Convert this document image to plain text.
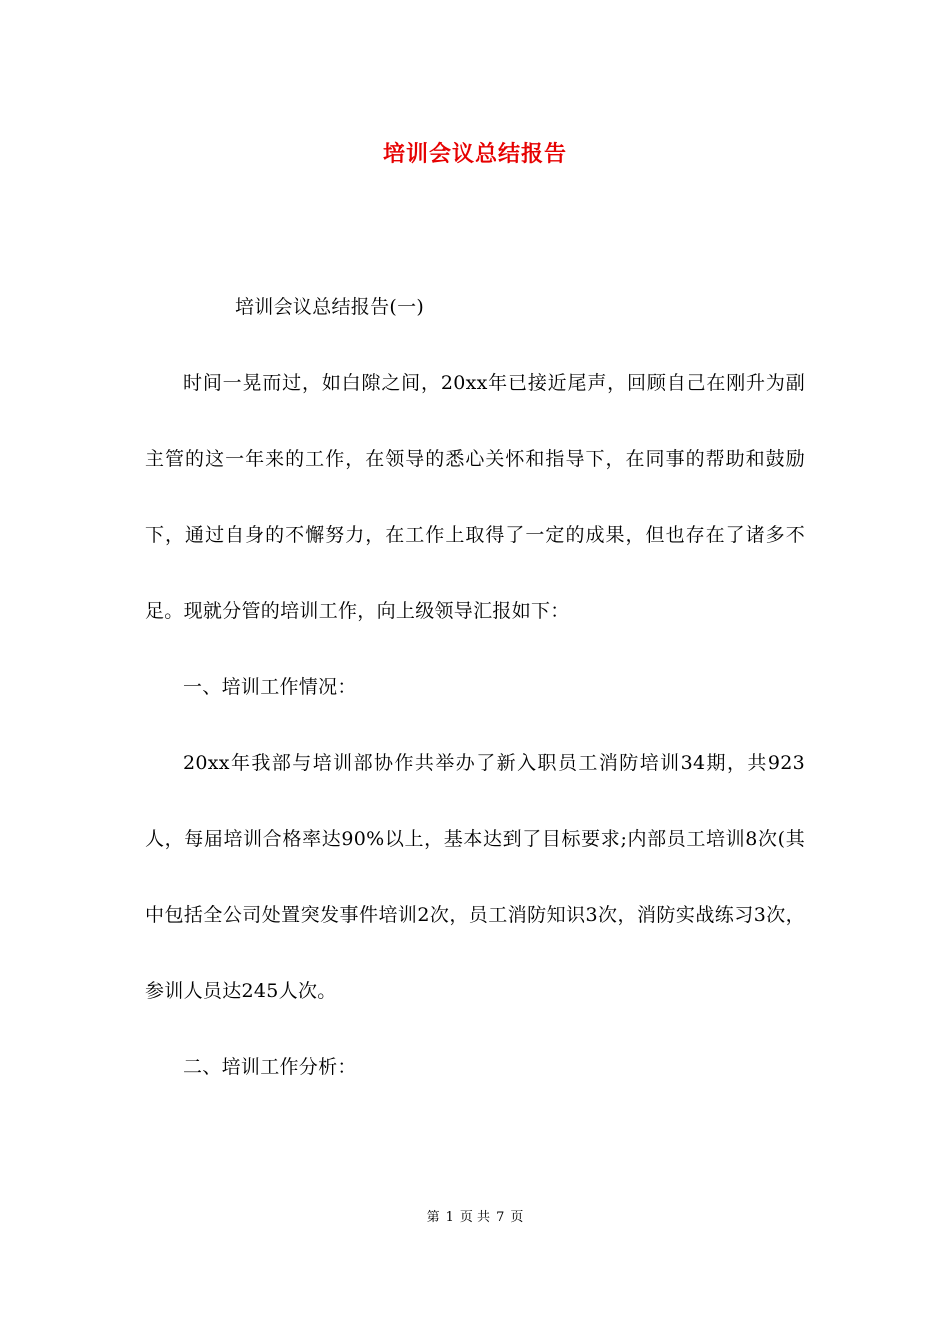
培训会议总结报告

培训会议总结报告(一)

时间一晃而过，如白隙之间，20xx年已接近尾声，回顾自己在刚升为副主管的这一年来的工作，在领导的悉心关怀和指导下，在同事的帮助和鼓励下，通过自身的不懈努力，在工作上取得了一定的成果，但也存在了诸多不足。现就分管的培训工作，向上级领导汇报如下：

一、培训工作情况：

20xx年我部与培训部协作共举办了新入职员工消防培训34期，共923人，每届培训合格率达90%以上，基本达到了目标要求;内部员工培训8次(其中包括全公司处置突发事件培训2次，员工消防知识3次，消防实战练习3次，参训人员达245人次。

二、培训工作分析：

第 1 页 共 7 页
